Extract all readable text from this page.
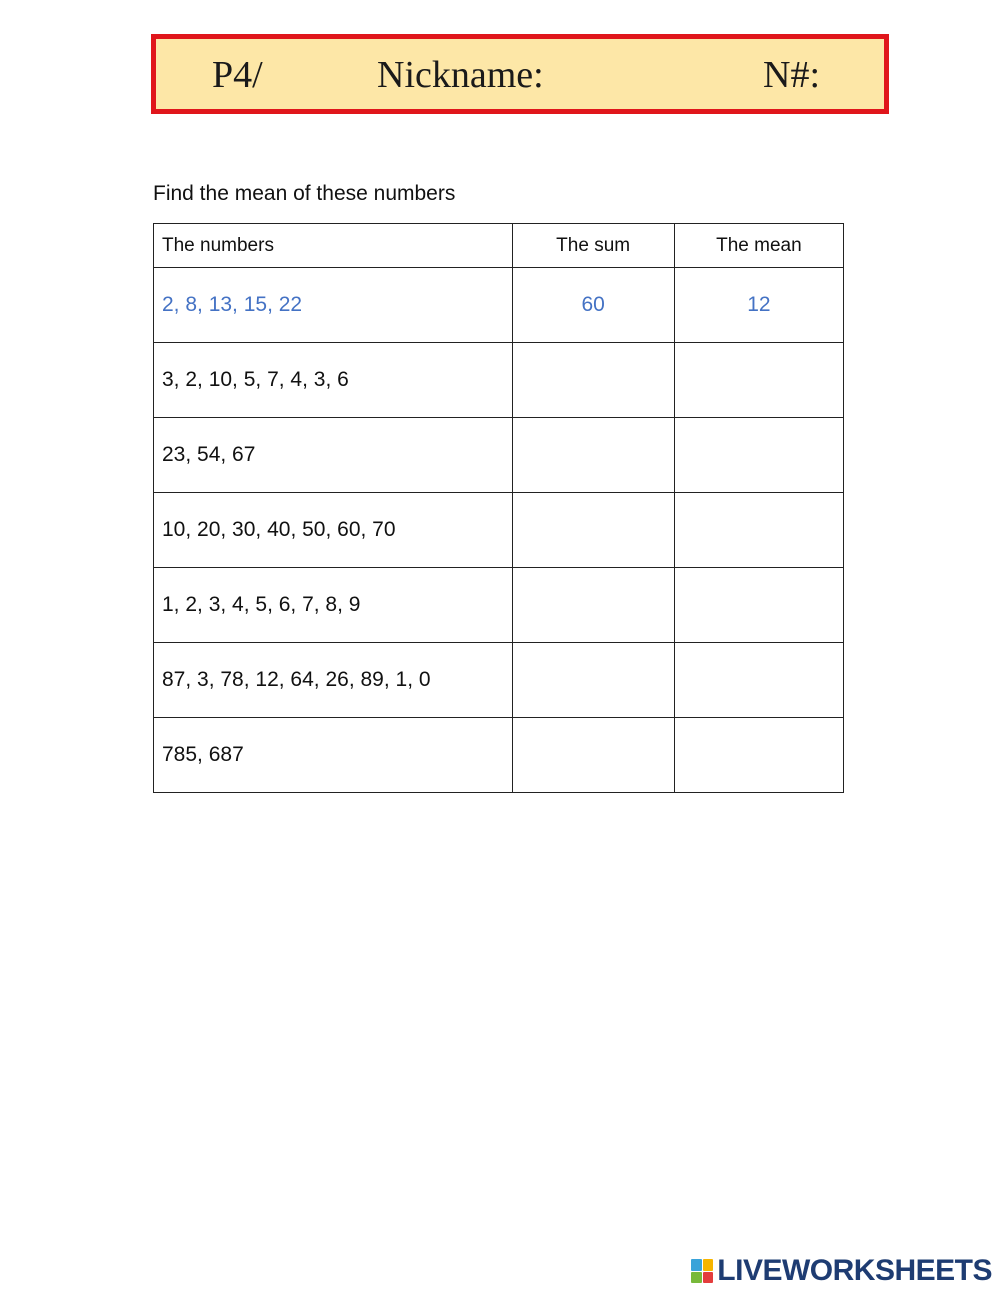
P4/	Nickname:	N#:
Find the mean of these numbers
The numbers	The sum	The mean
2, 8, 13, 15, 22	60	12
3, 2, 10, 5, 7, 4, 3, 6		
23, 54, 67		
10, 20, 30, 40, 50, 60, 70		
1, 2, 3, 4, 5, 6, 7, 8, 9		
87, 3, 78, 12, 64, 26, 89, 1, 0		
785, 687		
LIVEWORKSHEETS
